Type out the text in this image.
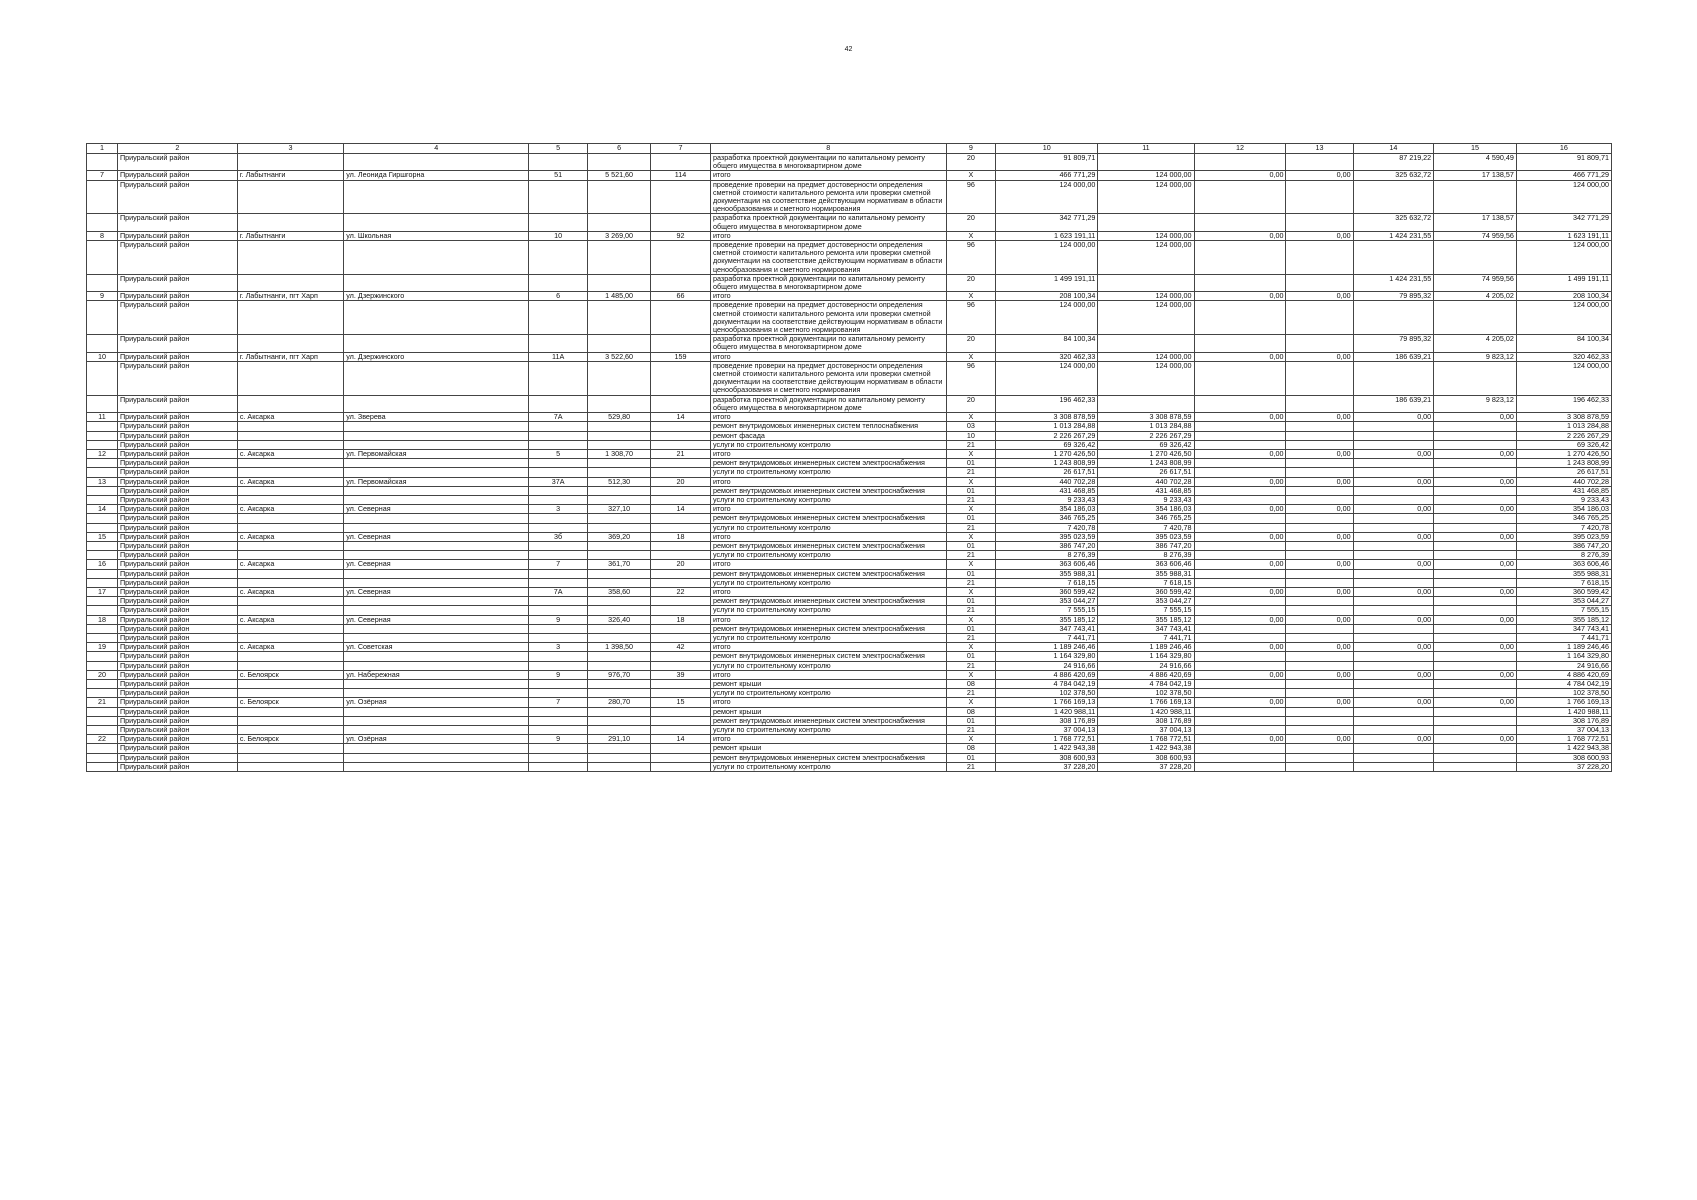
42
1	2	3	4	5	6	7	8	9	10	11	12	13	14	15	16
	Приуральский район						разработка проектной документации по капитальному ремонту общего имущества в многоквартирном доме	20	91 809,71				87 219,22	4 590,49	91 809,71
7	Приуральский район	г. Лабытнанги	ул. Леонида Гиршгорна	51	5 521,60	114	итого	X	466 771,29	124 000,00	0,00	0,00	325 632,72	17 138,57	466 771,29
	Приуральский район						проведение проверки на предмет достоверности определения сметной стоимости капитального ремонта или проверки сметной документации на соответствие действующим нормативам в области ценообразования и сметного нормирования	96	124 000,00	124 000,00					124 000,00
	Приуральский район						разработка проектной документации по капитальному ремонту общего имущества в многоквартирном доме	20	342 771,29				325 632,72	17 138,57	342 771,29
8	Приуральский район	г. Лабытнанги	ул. Школьная	10	3 269,00	92	итого	X	1 623 191,11	124 000,00	0,00	0,00	1 424 231,55	74 959,56	1 623 191,11
	Приуральский район						проведение проверки на предмет достоверности определения сметной стоимости капитального ремонта или проверки сметной документации на соответствие действующим нормативам в области ценообразования и сметного нормирования	96	124 000,00	124 000,00					124 000,00
	Приуральский район						разработка проектной документации по капитальному ремонту общего имущества в многоквартирном доме	20	1 499 191,11				1 424 231,55	74 959,56	1 499 191,11
9	Приуральский район	г. Лабытнанги, пгт Харп	ул. Дзержинского	6	1 485,00	66	итого	X	208 100,34	124 000,00	0,00	0,00	79 895,32	4 205,02	208 100,34
	Приуральский район						проведение проверки на предмет достоверности определения сметной стоимости капитального ремонта или проверки сметной документации на соответствие действующим нормативам в области ценообразования и сметного нормирования	96	124 000,00	124 000,00					124 000,00
	Приуральский район						разработка проектной документации по капитальному ремонту общего имущества в многоквартирном доме	20	84 100,34				79 895,32	4 205,02	84 100,34
10	Приуральский район	г. Лабытнанги, пгт Харп	ул. Дзержинского	11А	3 522,60	159	итого	X	320 462,33	124 000,00	0,00	0,00	186 639,21	9 823,12	320 462,33
	Приуральский район						проведение проверки на предмет достоверности определения сметной стоимости капитального ремонта или проверки сметной документации на соответствие действующим нормативам в области ценообразования и сметного нормирования	96	124 000,00	124 000,00					124 000,00
	Приуральский район						разработка проектной документации по капитальному ремонту общего имущества в многоквартирном доме	20	196 462,33				186 639,21	9 823,12	196 462,33
11	Приуральский район	с. Аксарка	ул. Зверева	7А	529,80	14	итого	X	3 308 878,59	3 308 878,59	0,00	0,00	0,00	0,00	3 308 878,59
	Приуральский район						ремонт внутридомовых инженерных систем теплоснабжения	03	1 013 284,88	1 013 284,88					1 013 284,88
	Приуральский район						ремонт фасада	10	2 226 267,29	2 226 267,29					2 226 267,29
	Приуральский район						услуги по строительному контролю	21	69 326,42	69 326,42					69 326,42
12	Приуральский район	с. Аксарка	ул. Первомайская	5	1 308,70	21	итого	X	1 270 426,50	1 270 426,50	0,00	0,00	0,00	0,00	1 270 426,50
	Приуральский район						ремонт внутридомовых инженерных систем электроснабжения	01	1 243 808,99	1 243 808,99					1 243 808,99
	Приуральский район						услуги по строительному контролю	21	26 617,51	26 617,51					26 617,51
13	Приуральский район	с. Аксарка	ул. Первомайская	37А	512,30	20	итого	X	440 702,28	440 702,28	0,00	0,00	0,00	0,00	440 702,28
	Приуральский район						ремонт внутридомовых инженерных систем электроснабжения	01	431 468,85	431 468,85					431 468,85
	Приуральский район						услуги по строительному контролю	21	9 233,43	9 233,43					9 233,43
14	Приуральский район	с. Аксарка	ул. Северная	3	327,10	14	итого	X	354 186,03	354 186,03	0,00	0,00	0,00	0,00	354 186,03
	Приуральский район						ремонт внутридомовых инженерных систем электроснабжения	01	346 765,25	346 765,25					346 765,25
	Приуральский район						услуги по строительному контролю	21	7 420,78	7 420,78					7 420,78
15	Приуральский район	с. Аксарка	ул. Северная	3б	369,20	18	итого	X	395 023,59	395 023,59	0,00	0,00	0,00	0,00	395 023,59
	Приуральский район						ремонт внутридомовых инженерных систем электроснабжения	01	386 747,20	386 747,20					386 747,20
	Приуральский район						услуги по строительному контролю	21	8 276,39	8 276,39					8 276,39
16	Приуральский район	с. Аксарка	ул. Северная	7	361,70	20	итого	X	363 606,46	363 606,46	0,00	0,00	0,00	0,00	363 606,46
	Приуральский район						ремонт внутридомовых инженерных систем электроснабжения	01	355 988,31	355 988,31					355 988,31
	Приуральский район						услуги по строительному контролю	21	7 618,15	7 618,15					7 618,15
17	Приуральский район	с. Аксарка	ул. Северная	7А	358,60	22	итого	X	360 599,42	360 599,42	0,00	0,00	0,00	0,00	360 599,42
	Приуральский район						ремонт внутридомовых инженерных систем электроснабжения	01	353 044,27	353 044,27					353 044,27
	Приуральский район						услуги по строительному контролю	21	7 555,15	7 555,15					7 555,15
18	Приуральский район	с. Аксарка	ул. Северная	9	326,40	18	итого	X	355 185,12	355 185,12	0,00	0,00	0,00	0,00	355 185,12
	Приуральский район						ремонт внутридомовых инженерных систем электроснабжения	01	347 743,41	347 743,41					347 743,41
	Приуральский район						услуги по строительному контролю	21	7 441,71	7 441,71					7 441,71
19	Приуральский район	с. Аксарка	ул. Советская	3	1 398,50	42	итого	X	1 189 246,46	1 189 246,46	0,00	0,00	0,00	0,00	1 189 246,46
	Приуральский район						ремонт внутридомовых инженерных систем электроснабжения	01	1 164 329,80	1 164 329,80					1 164 329,80
	Приуральский район						услуги по строительному контролю	21	24 916,66	24 916,66					24 916,66
20	Приуральский район	с. Белоярск	ул. Набережная	9	976,70	39	итого	X	4 886 420,69	4 886 420,69	0,00	0,00	0,00	0,00	4 886 420,69
	Приуральский район						ремонт крыши	08	4 784 042,19	4 784 042,19					4 784 042,19
	Приуральский район						услуги по строительному контролю	21	102 378,50	102 378,50					102 378,50
21	Приуральский район	с. Белоярск	ул. Озёрная	7	280,70	15	итого	X	1 766 169,13	1 766 169,13	0,00	0,00	0,00	0,00	1 766 169,13
	Приуральский район						ремонт крыши	08	1 420 988,11	1 420 988,11					1 420 988,11
	Приуральский район						ремонт внутридомовых инженерных систем электроснабжения	01	308 176,89	308 176,89					308 176,89
	Приуральский район						услуги по строительному контролю	21	37 004,13	37 004,13					37 004,13
22	Приуральский район	с. Белоярск	ул. Озёрная	9	291,10	14	итого	X	1 768 772,51	1 768 772,51	0,00	0,00	0,00	0,00	1 768 772,51
	Приуральский район						ремонт крыши	08	1 422 943,38	1 422 943,38					1 422 943,38
	Приуральский район						ремонт внутридомовых инженерных систем электроснабжения	01	308 600,93	308 600,93					308 600,93
	Приуральский район						услуги по строительному контролю	21	37 228,20	37 228,20					37 228,20
